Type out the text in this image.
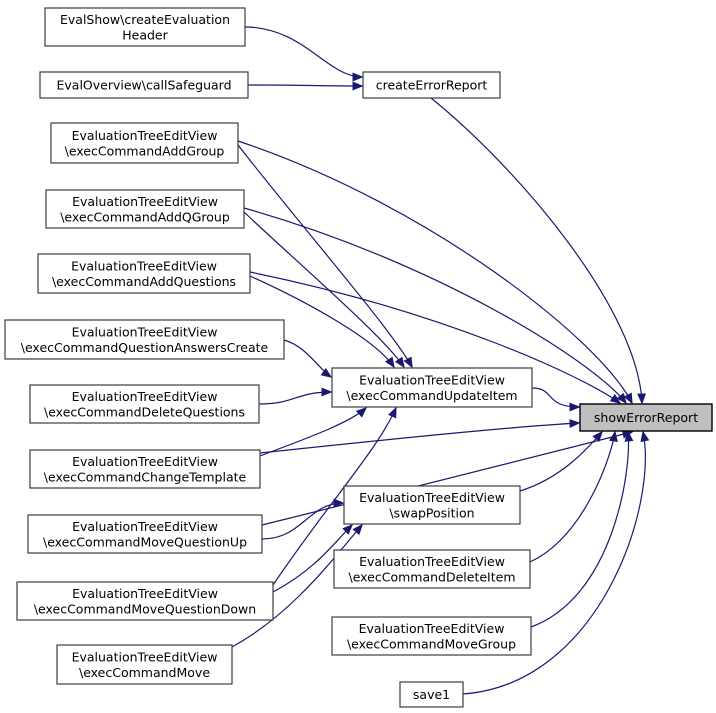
EvalShow\createEvaluation
Header
EvalOverview\callSafeguard
EvaluationTreeEditView
\execCommandAddGroup
EvaluationTreeEditView
\execCommandAddQGroup
EvaluationTreeEditView
\execCommandAddQuestions
EvaluationTreeEditView
\execCommandQuestionAnswersCreate
EvaluationTreeEditView
\execCommandDeleteQuestions
EvaluationTreeEditView
\execCommandChangeTemplate
EvaluationTreeEditView
\execCommandMoveQuestionUp
EvaluationTreeEditView
\execCommandMoveQuestionDown
EvaluationTreeEditView
\execCommandMove
createErrorReport
EvaluationTreeEditView
\execCommandUpdateItem
EvaluationTreeEditView
\swapPosition
EvaluationTreeEditView
\execCommandDeleteItem
EvaluationTreeEditView
\execCommandMoveGroup
save1
showErrorReport
